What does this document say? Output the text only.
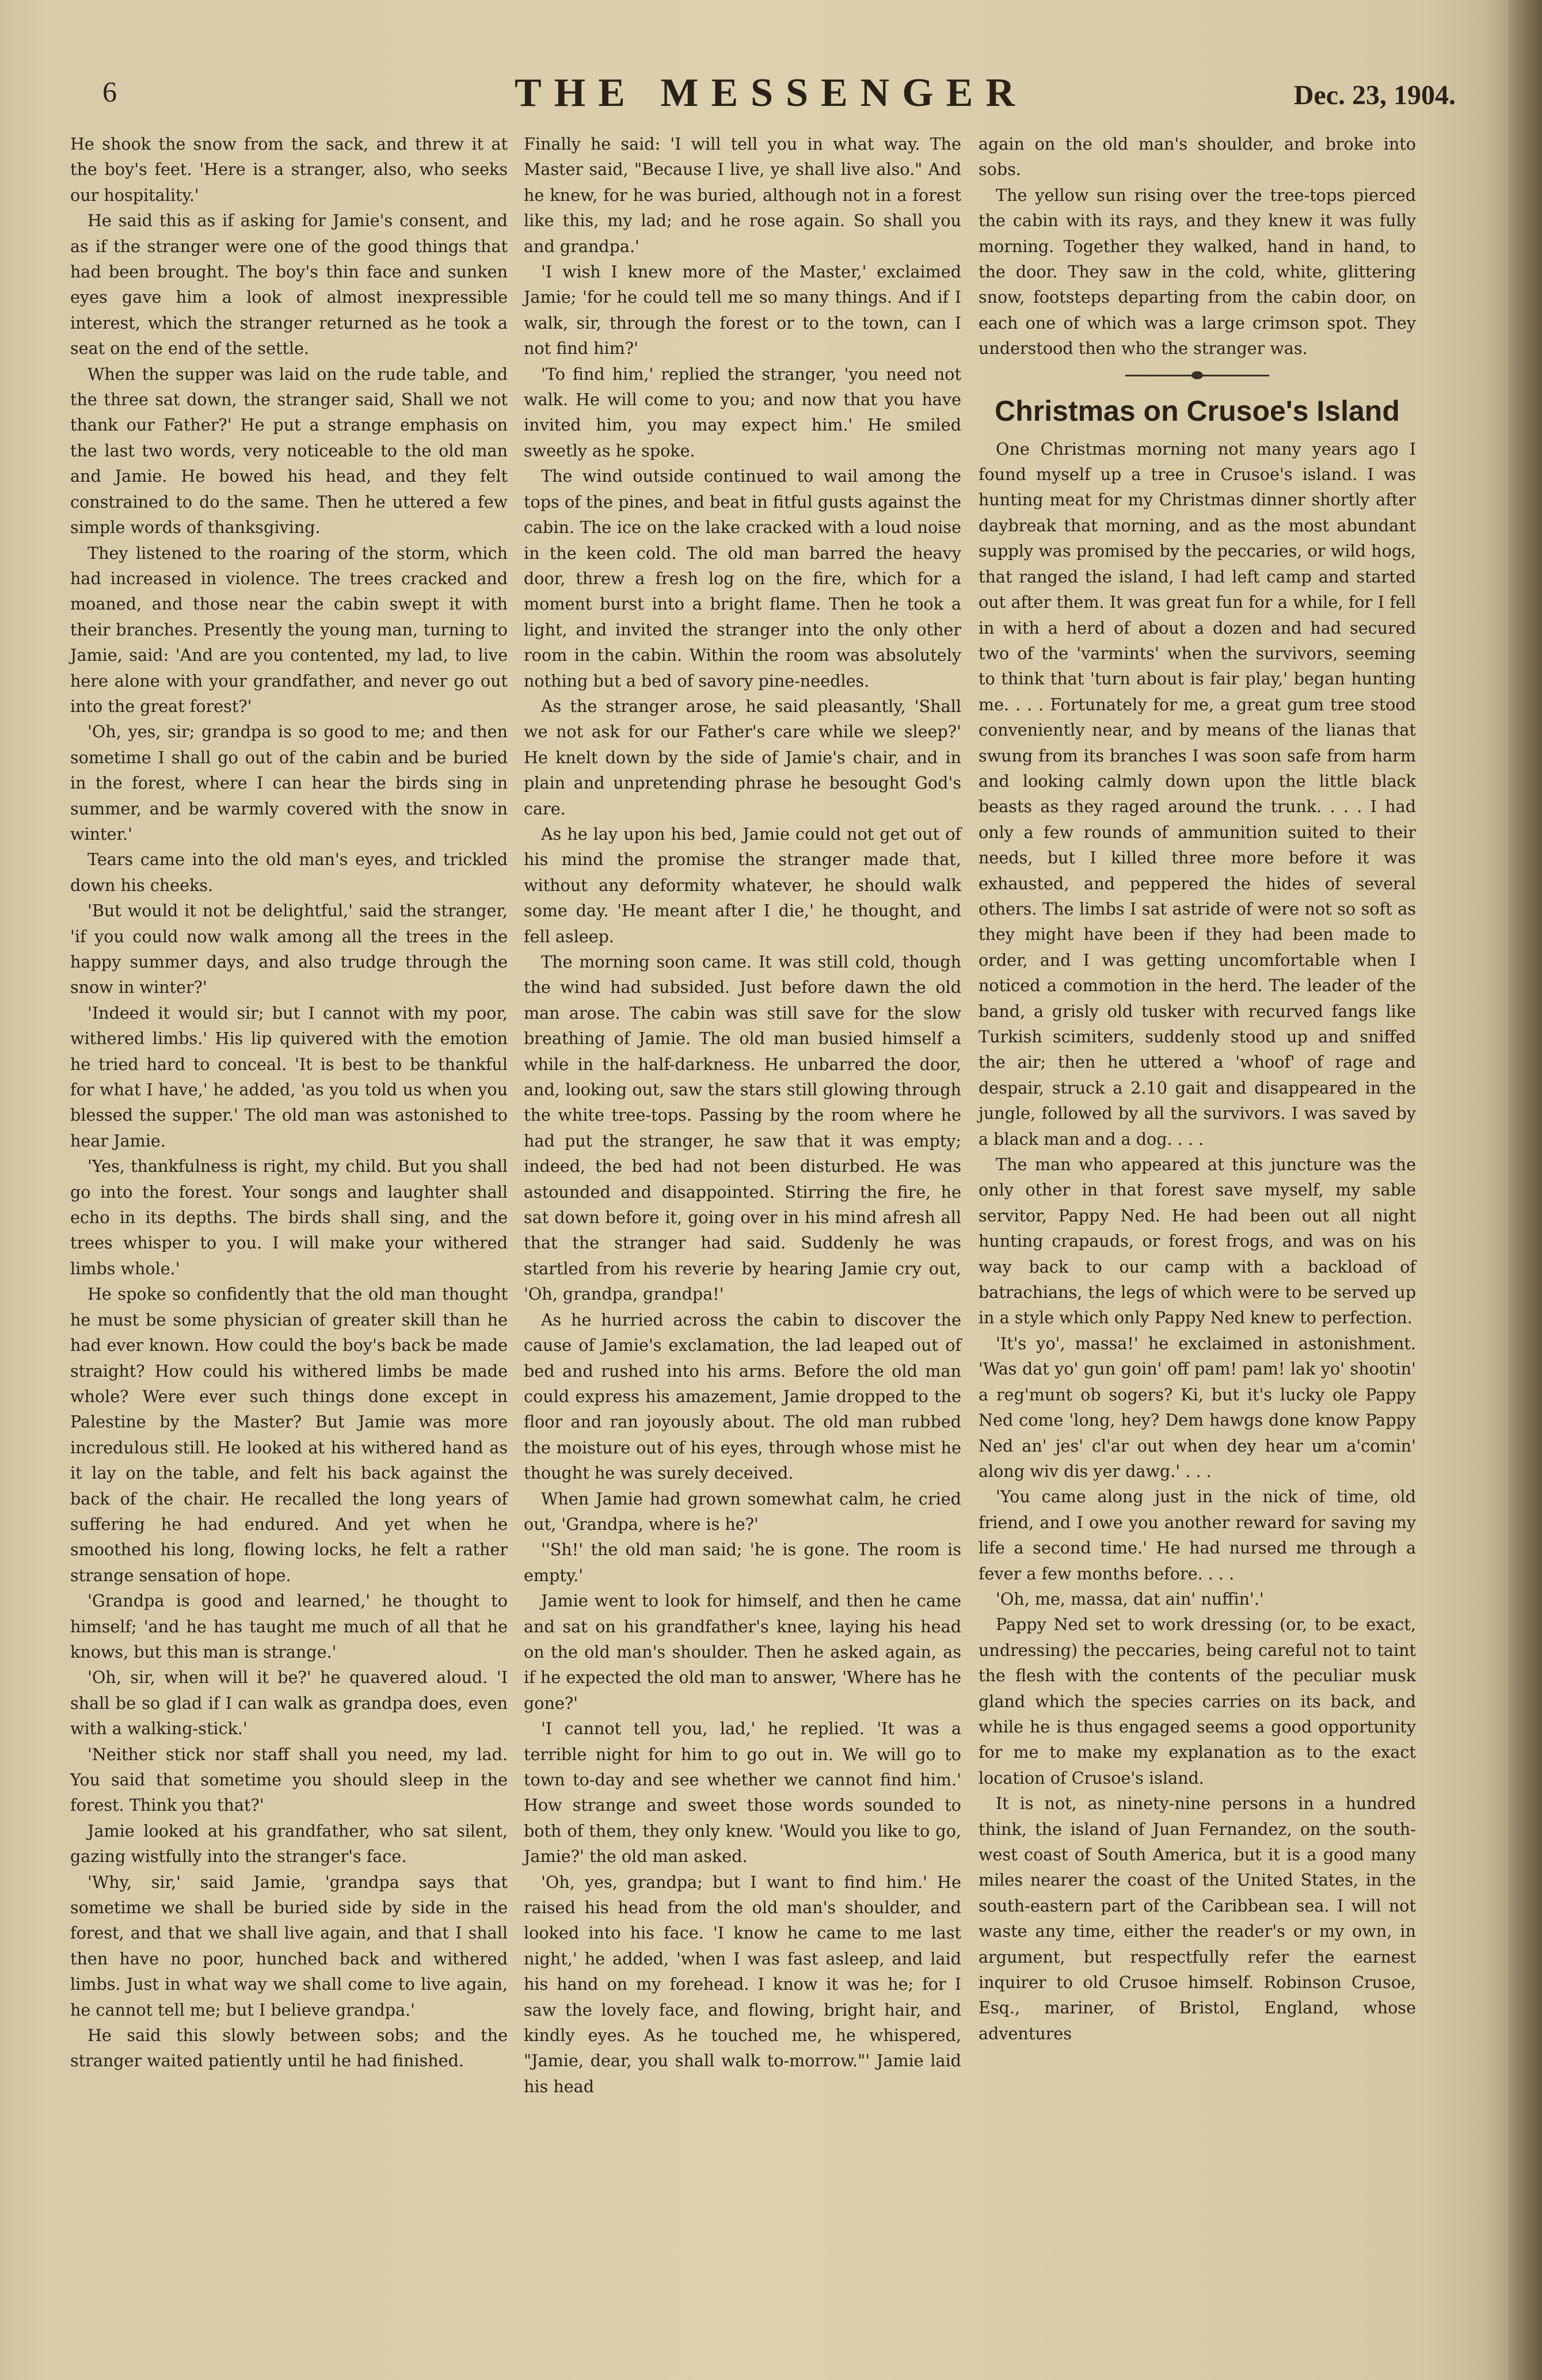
6	THE MESSENGER	Dec. 23, 1904.

He shook the snow from the sack, and threw it at the boy's feet. 'Here is a stranger, also, who seeks our hospitality.'

He said this as if asking for Jamie's consent, and as if the stranger were one of the good things that had been brought. The boy's thin face and sunken eyes gave him a look of almost inexpressible interest, which the stranger returned as he took a seat on the end of the settle.

When the supper was laid on the rude table, and the three sat down, the stranger said, Shall we not thank our Father?' He put a strange emphasis on the last two words, very noticeable to the old man and Jamie. He bowed his head, and they felt constrained to do the same. Then he uttered a few simple words of thanksgiving.

They listened to the roaring of the storm, which had increased in violence. The trees cracked and moaned, and those near the cabin swept it with their branches. Presently the young man, turning to Jamie, said: 'And are you contented, my lad, to live here alone with your grandfather, and never go out into the great forest?'

'Oh, yes, sir; grandpa is so good to me; and then sometime I shall go out of the cabin and be buried in the forest, where I can hear the birds sing in summer, and be warmly covered with the snow in winter.'

Tears came into the old man's eyes, and trickled down his cheeks.

'But would it not be delightful,' said the stranger, 'if you could now walk among all the trees in the happy summer days, and also trudge through the snow in winter?'

'Indeed it would sir; but I cannot with my poor, withered limbs.' His lip quivered with the emotion he tried hard to conceal. 'It is best to be thankful for what I have,' he added, 'as you told us when you blessed the supper.' The old man was astonished to hear Jamie.

'Yes, thankfulness is right, my child. But you shall go into the forest. Your songs and laughter shall echo in its depths. The birds shall sing, and the trees whisper to you. I will make your withered limbs whole.'

He spoke so confidently that the old man thought he must be some physician of greater skill than he had ever known. How could the boy's back be made straight? How could his withered limbs be made whole? Were ever such things done except in Palestine by the Master? But Jamie was more incredulous still. He looked at his withered hand as it lay on the table, and felt his back against the back of the chair. He recalled the long years of suffering he had endured. And yet when he smoothed his long, flowing locks, he felt a rather strange sensation of hope.

'Grandpa is good and learned,' he thought to himself; 'and he has taught me much of all that he knows, but this man is strange.'

'Oh, sir, when will it be?' he quavered aloud. 'I shall be so glad if I can walk as grandpa does, even with a walking-stick.'

'Neither stick nor staff shall you need, my lad. You said that sometime you should sleep in the forest. Think you that?'

Jamie looked at his grandfather, who sat silent, gazing wistfully into the stranger's face.

'Why, sir,' said Jamie, 'grandpa says that sometime we shall be buried side by side in the forest, and that we shall live again, and that I shall then have no poor, hunched back and withered limbs. Just in what way we shall come to live again, he cannot tell me; but I believe grandpa.'

He said this slowly between sobs; and the stranger waited patiently until he had finished.

Finally he said: 'I will tell you in what way. The Master said, "Because I live, ye shall live also." And he knew, for he was buried, although not in a forest like this, my lad; and he rose again. So shall you and grandpa.'

'I wish I knew more of the Master,' exclaimed Jamie; 'for he could tell me so many things. And if I walk, sir, through the forest or to the town, can I not find him?'

'To find him,' replied the stranger, 'you need not walk. He will come to you; and now that you have invited him, you may expect him.' He smiled sweetly as he spoke.

The wind outside continued to wail among the tops of the pines, and beat in fitful gusts against the cabin. The ice on the lake cracked with a loud noise in the keen cold. The old man barred the heavy door, threw a fresh log on the fire, which for a moment burst into a bright flame. Then he took a light, and invited the stranger into the only other room in the cabin. Within the room was absolutely nothing but a bed of savory pine-needles.

As the stranger arose, he said pleasantly, 'Shall we not ask for our Father's care while we sleep?' He knelt down by the side of Jamie's chair, and in plain and unpretending phrase he besought God's care.

As he lay upon his bed, Jamie could not get out of his mind the promise the stranger made that, without any deformity whatever, he should walk some day. 'He meant after I die,' he thought, and fell asleep.

The morning soon came. It was still cold, though the wind had subsided. Just before dawn the old man arose. The cabin was still save for the slow breathing of Jamie. The old man busied himself a while in the half-darkness. He unbarred the door, and, looking out, saw the stars still glowing through the white tree-tops. Passing by the room where he had put the stranger, he saw that it was empty; indeed, the bed had not been disturbed. He was astounded and disappointed. Stirring the fire, he sat down before it, going over in his mind afresh all that the stranger had said. Suddenly he was startled from his reverie by hearing Jamie cry out, 'Oh, grandpa, grandpa!'

As he hurried across the cabin to discover the cause of Jamie's exclamation, the lad leaped out of bed and rushed into his arms. Before the old man could express his amazement, Jamie dropped to the floor and ran joyously about. The old man rubbed the moisture out of his eyes, through whose mist he thought he was surely deceived.

When Jamie had grown somewhat calm, he cried out, 'Grandpa, where is he?'

''Sh!' the old man said; 'he is gone. The room is empty.'

Jamie went to look for himself, and then he came and sat on his grandfather's knee, laying his head on the old man's shoulder. Then he asked again, as if he expected the old man to answer, 'Where has he gone?'

'I cannot tell you, lad,' he replied. 'It was a terrible night for him to go out in. We will go to town to-day and see whether we cannot find him.' How strange and sweet those words sounded to both of them, they only knew. 'Would you like to go, Jamie?' the old man asked.

'Oh, yes, grandpa; but I want to find him.' He raised his head from the old man's shoulder, and looked into his face. 'I know he came to me last night,' he added, 'when I was fast asleep, and laid his hand on my forehead. I know it was he; for I saw the lovely face, and flowing, bright hair, and kindly eyes. As he touched me, he whispered, "Jamie, dear, you shall walk to-morrow."' Jamie laid his head

again on the old man's shoulder, and broke into sobs.

The yellow sun rising over the tree-tops pierced the cabin with its rays, and they knew it was fully morning. Together they walked, hand in hand, to the door. They saw in the cold, white, glittering snow, footsteps departing from the cabin door, on each one of which was a large crimson spot. They understood then who the stranger was.

Christmas on Crusoe's Island

One Christmas morning not many years ago I found myself up a tree in Crusoe's island. I was hunting meat for my Christmas dinner shortly after daybreak that morning, and as the most abundant supply was promised by the peccaries, or wild hogs, that ranged the island, I had left camp and started out after them. It was great fun for a while, for I fell in with a herd of about a dozen and had secured two of the 'varmints' when the survivors, seeming to think that 'turn about is fair play,' began hunting me. . . . Fortunately for me, a great gum tree stood conveniently near, and by means of the lianas that swung from its branches I was soon safe from harm and looking calmly down upon the little black beasts as they raged around the trunk. . . . I had only a few rounds of ammunition suited to their needs, but I killed three more before it was exhausted, and peppered the hides of several others. The limbs I sat astride of were not so soft as they might have been if they had been made to order, and I was getting uncomfortable when I noticed a commotion in the herd. The leader of the band, a grisly old tusker with recurved fangs like Turkish scimiters, suddenly stood up and sniffed the air; then he uttered a 'whoof' of rage and despair, struck a 2.10 gait and disappeared in the jungle, followed by all the survivors. I was saved by a black man and a dog. . . .

The man who appeared at this juncture was the only other in that forest save myself, my sable servitor, Pappy Ned. He had been out all night hunting crapauds, or forest frogs, and was on his way back to our camp with a backload of batrachians, the legs of which were to be served up in a style which only Pappy Ned knew to perfection.

'It's yo', massa!' he exclaimed in astonishment. 'Was dat yo' gun goin' off pam! pam! lak yo' shootin' a reg'munt ob sogers? Ki, but it's lucky ole Pappy Ned come 'long, hey? Dem hawgs done know Pappy Ned an' jes' cl'ar out when dey hear um a'comin' along wiv dis yer dawg.' . . .

'You came along just in the nick of time, old friend, and I owe you another reward for saving my life a second time.' He had nursed me through a fever a few months before. . . .

'Oh, me, massa, dat ain' nuffin'.'

Pappy Ned set to work dressing (or, to be exact, undressing) the peccaries, being careful not to taint the flesh with the contents of the peculiar musk gland which the species carries on its back, and while he is thus engaged seems a good opportunity for me to make my explanation as to the exact location of Crusoe's island.

It is not, as ninety-nine persons in a hundred think, the island of Juan Fernandez, on the south-west coast of South America, but it is a good many miles nearer the coast of the United States, in the south-eastern part of the Caribbean sea. I will not waste any time, either the reader's or my own, in argument, but respectfully refer the earnest inquirer to old Crusoe himself. Robinson Crusoe, Esq., mariner, of Bristol, England, whose adventures
